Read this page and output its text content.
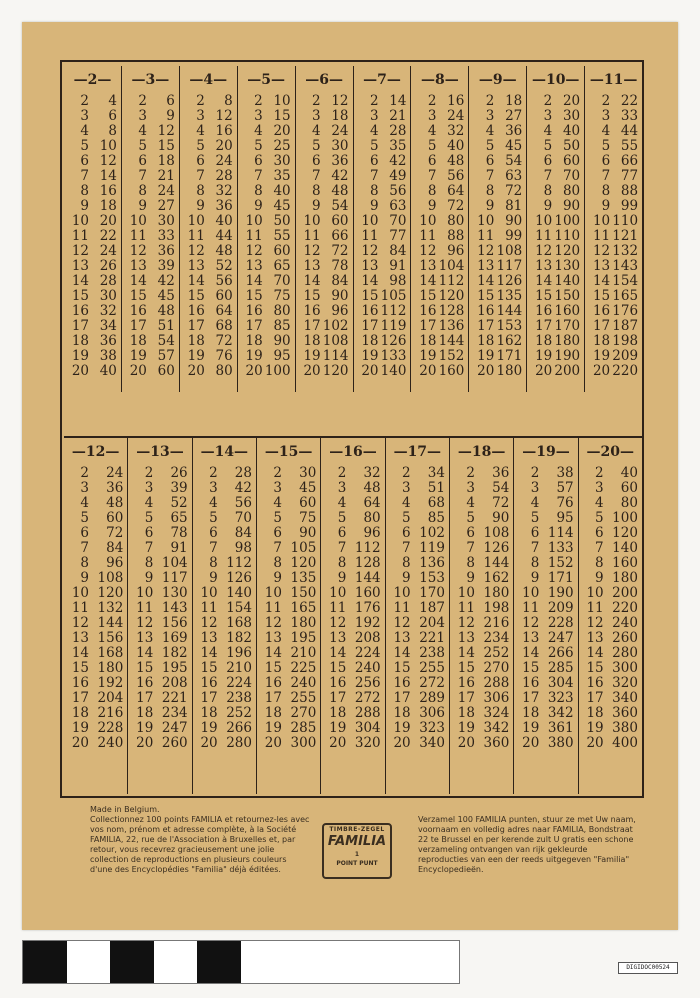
—2—
2 4
3 6
4 8
5 10
6 12
7 14
8 16
9 18
10 20
11 22
12 24
13 26
14 28
15 30
16 32
17 34
18 36
19 38
20 40
—3—
2 6
3 9
4 12
5 15
6 18
7 21
8 24
9 27
10 30
11 33
12 36
13 39
14 42
15 45
16 48
17 51
18 54
19 57
20 60
—4—
2 8
3 12
4 16
5 20
6 24
7 28
8 32
9 36
10 40
11 44
12 48
13 52
14 56
15 60
16 64
17 68
18 72
19 76
20 80
—5—
2 10
3 15
4 20
5 25
6 30
7 35
8 40
9 45
10 50
11 55
12 60
13 65
14 70
15 75
16 80
17 85
18 90
19 95
20 100
—6—
2 12
3 18
4 24
5 30
6 36
7 42
8 48
9 54
10 60
11 66
12 72
13 78
14 84
15 90
16 96
17 102
18 108
19 114
20 120
—7—
2 14
3 21
4 28
5 35
6 42
7 49
8 56
9 63
10 70
11 77
12 84
13 91
14 98
15 105
16 112
17 119
18 126
19 133
20 140
—8—
2 16
3 24
4 32
5 40
6 48
7 56
8 64
9 72
10 80
11 88
12 96
13 104
14 112
15 120
16 128
17 136
18 144
19 152
20 160
—9—
2 18
3 27
4 36
5 45
6 54
7 63
8 72
9 81
10 90
11 99
12 108
13 117
14 126
15 135
16 144
17 153
18 162
19 171
20 180
—10—
2 20
3 30
4 40
5 50
6 60
7 70
8 80
9 90
10 100
11 110
12 120
13 130
14 140
15 150
16 160
17 170
18 180
19 190
20 200
—11—
2 22
3 33
4 44
5 55
6 66
7 77
8 88
9 99
10 110
11 121
12 132
13 143
14 154
15 165
16 176
17 187
18 198
19 209
20 220
—12—
2 24
3 36
4 48
5 60
6 72
7 84
8 96
9 108
10 120
11 132
12 144
13 156
14 168
15 180
16 192
17 204
18 216
19 228
20 240
—13—
2 26
3 39
4 52
5 65
6 78
7 91
8 104
9 117
10 130
11 143
12 156
13 169
14 182
15 195
16 208
17 221
18 234
19 247
20 260
—14—
2 28
3 42
4 56
5 70
6 84
7 98
8 112
9 126
10 140
11 154
12 168
13 182
14 196
15 210
16 224
17 238
18 252
19 266
20 280
—15—
2 30
3 45
4 60
5 75
6 90
7 105
8 120
9 135
10 150
11 165
12 180
13 195
14 210
15 225
16 240
17 255
18 270
19 285
20 300
—16—
2 32
3 48
4 64
5 80
6 96
7 112
8 128
9 144
10 160
11 176
12 192
13 208
14 224
15 240
16 256
17 272
18 288
19 304
20 320
—17—
2 34
3 51
4 68
5 85
6 102
7 119
8 136
9 153
10 170
11 187
12 204
13 221
14 238
15 255
16 272
17 289
18 306
19 323
20 340
—18—
2 36
3 54
4 72
5 90
6 108
7 126
8 144
9 162
10 180
11 198
12 216
13 234
14 252
15 270
16 288
17 306
18 324
19 342
20 360
—19—
2 38
3 57
4 76
5 95
6 114
7 133
8 152
9 171
10 190
11 209
12 228
13 247
14 266
15 285
16 304
17 323
18 342
19 361
20 380
—20—
2 40
3 60
4 80
5 100
6 120
7 140
8 160
9 180
10 200
11 220
12 240
13 260
14 280
15 300
16 320
17 340
18 360
19 380
20 400
Made in Belgium.
Collectionnez 100 points FAMILIA et retournez-les avec vos nom, prénom et adresse complète, à la Société FAMILIA, 22, rue de l'Association à Bruxelles et, par retour, vous recevrez gracieusement une jolie collection de reproductions en plusieurs couleurs d'une des Encyclopédies "Familia" déjà éditées.
TIMBRE-ZEGEL
FAMILIA
1
POINT PUNT
Verzamel 100 FAMILIA punten, stuur ze met Uw naam, voornaam en volledig adres naar FAMILIA, Bondstraat 22 te Brussel en per kerende zult U gratis een schone verzameling ontvangen van rijk gekleurde reproducties van een der reeds uitgegeven "Familia" Encyclopedieën.
DIGIDOC00524
